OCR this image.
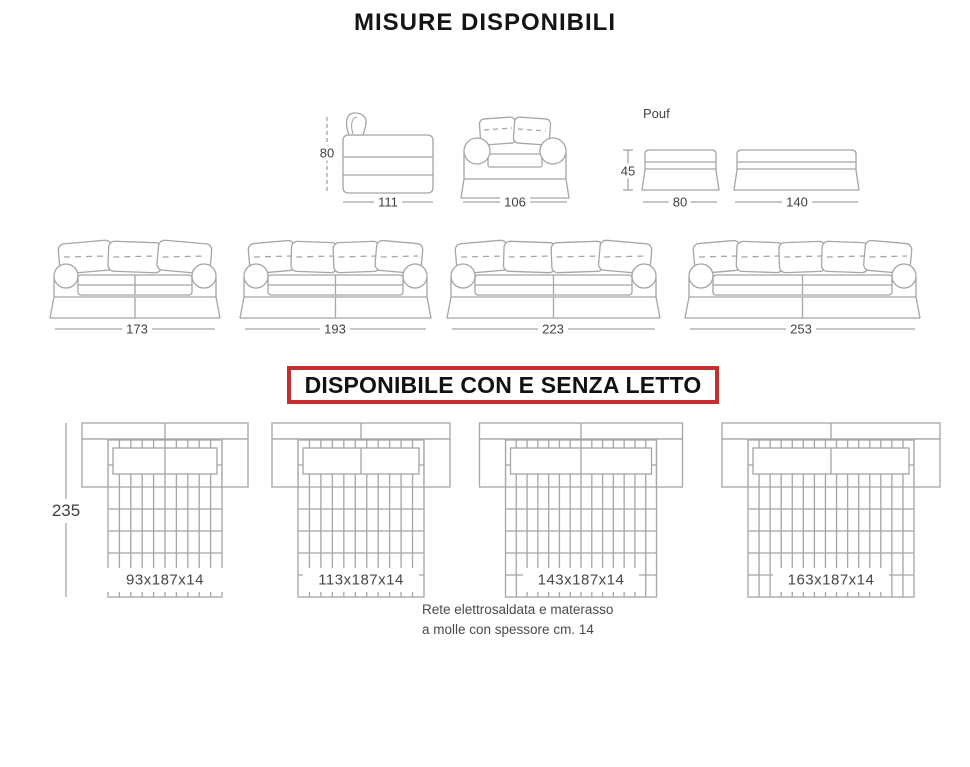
MISURE DISPONIBILI
80
111	106
Pouf
45
80	140
173	193	223	253
DISPONIBILE CON E SENZA LETTO
235
93x187x14	113x187x14	143x187x14	163x187x14
Rete elettrosaldata e materasso
a molle con spessore cm. 14
